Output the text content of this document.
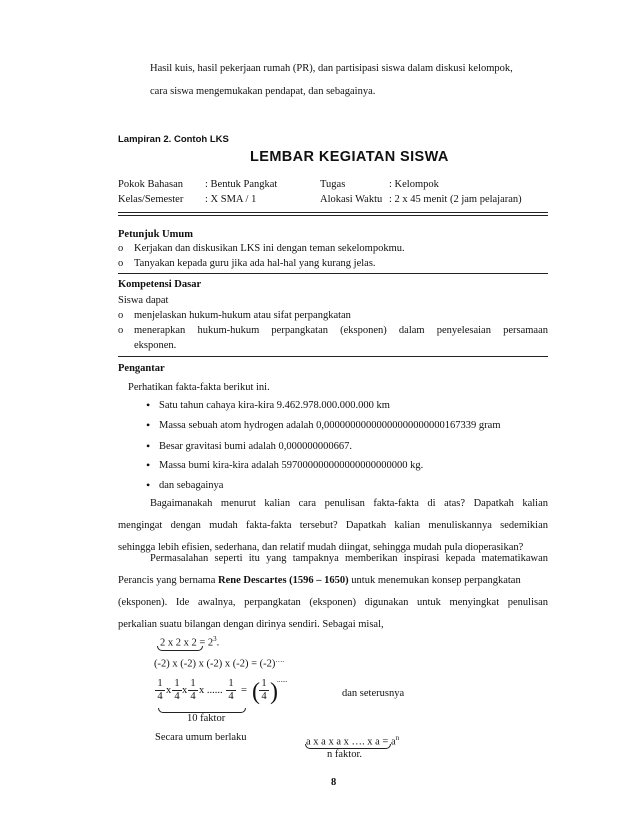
Hasil kuis, hasil pekerjaan rumah (PR), dan partisipasi siswa dalam diskusi kelompok,
cara siswa mengemukakan pendapat, dan sebagainya.
Lampiran 2. Contoh LKS
LEMBAR KEGIATAN SISWA
Pokok Bahasan : Bentuk Pangkat
Kelas/Semester : X SMA / 1
Tugas	: Kelompok
Alokasi Waktu : 2 x 45 menit (2 jam pelajaran)
Petunjuk Umum
o Kerjakan dan diskusikan LKS ini dengan teman sekelompokmu.
o Tanyakan kepada guru jika ada hal-hal yang kurang jelas.
Kompetensi Dasar
Siswa dapat
o menjelaskan hukum-hukum atau sifat perpangkatan
o menerapkan hukum-hukum perpangkatan (eksponen) dalam penyelesaian persamaan
eksponen.
Pengantar
Perhatikan fakta-fakta berikut ini.
• Satu tahun cahaya kira-kira 9.462.978.000.000.000 km
• Massa sebuah atom hydrogen adalah 0,00000000000000000000000167339 gram
• Besar gravitasi bumi adalah 0,000000000667.
• Massa bumi kira-kira adalah 597000000000000000000000 kg.
• dan sebagainya
Bagaimanakah menurut kalian cara penulisan fakta-fakta di atas? Dapatkah kalian
mengingat dengan mudah fakta-fakta tersebut? Dapatkah kalian menuliskannya sedemikian
sehingga lebih efisien, sederhana, dan relatif mudah diingat, sehingga mudah pula dioperasikan?
Permasalahan seperti itu yang tampaknya memberikan inspirasi kepada matematikawan
Perancis yang bernama Rene Descartes (1596 – 1650) untuk menemukan konsep perpangkatan
(eksponen). Ide awalnya, perpangkatan (eksponen) digunakan untuk menyingkat penulisan
perkalian suatu bilangan dengan dirinya sendiri. Sebagai misal,
2 x 2 x $2 = 2^3$.
(-2) x (-2) x (-2) x (-2) = (-2)….
1
4
x
1
4
x
1
4
x ......
1
4
= ( 1
4 ) ......
dan seterusnya
10 faktor
Secara umum berlaku	a x a x a x …. x $a = a^n$
n faktor.
8
